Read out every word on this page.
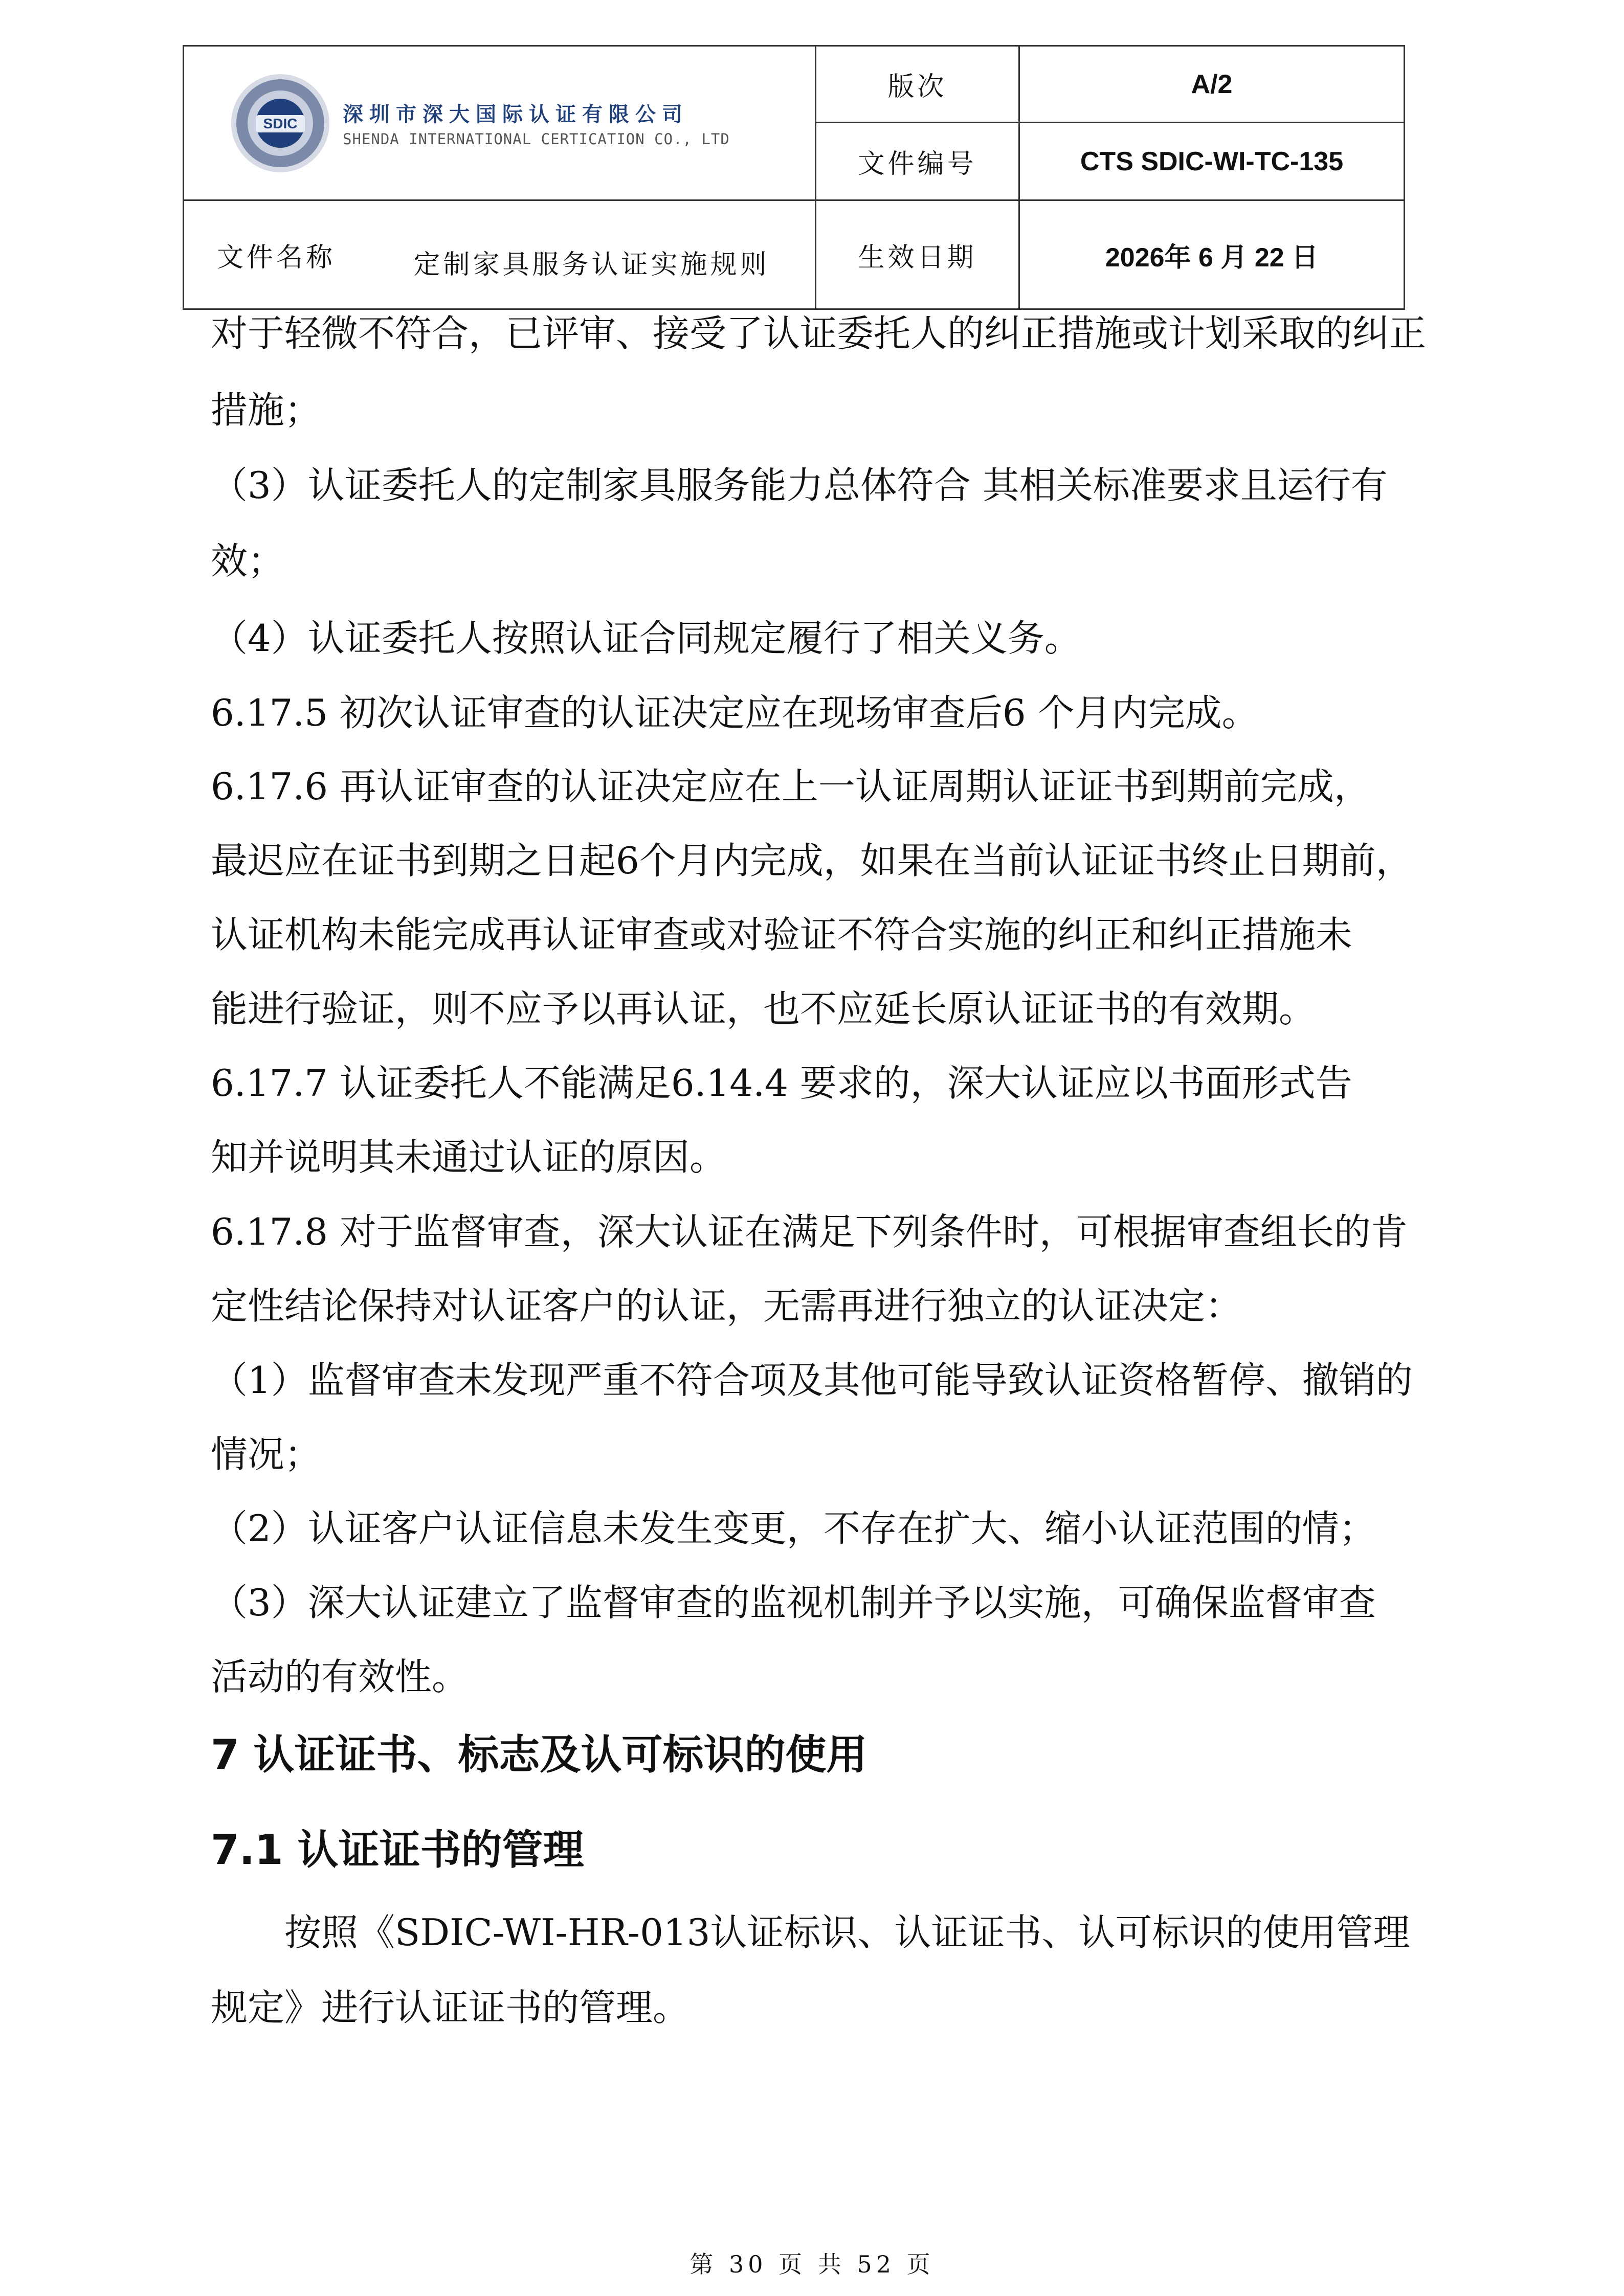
SDIC 深圳市深大国际认证有限公司
SHENDA INTERNATIONAL CERTICATION CO., LTD	版次	A/2
	文件编号	CTS SDIC-WI-TC-135

文件名称 定制家具服务认证实施规则	生效日期	2026年 6 月 22 日
对于轻微不符合，已评审、接受了认证委托人的纠正措施或计划采取的纠正
措施；
（3）认证委托人的定制家具服务能力总体符合 其相关标准要求且运行有
效；
（4）认证委托人按照认证合同规定履行了相关义务。
6.17.5 初次认证审查的认证决定应在现场审查后6 个月内完成。
6.17.6 再认证审查的认证决定应在上一认证周期认证证书到期前完成，
最迟应在证书到期之日起6个月内完成，如果在当前认证证书终止日期前，
认证机构未能完成再认证审查或对验证不符合实施的纠正和纠正措施未
能进行验证，则不应予以再认证，也不应延长原认证证书的有效期。
6.17.7 认证委托人不能满足6.14.4 要求的，深大认证应以书面形式告
知并说明其未通过认证的原因。
6.17.8 对于监督审查，深大认证在满足下列条件时，可根据审查组长的肯
定性结论保持对认证客户的认证，无需再进行独立的认证决定：
（1）监督审查未发现严重不符合项及其他可能导致认证资格暂停、撤销的
情况；
（2）认证客户认证信息未发生变更，不存在扩大、缩小认证范围的情；
（3）深大认证建立了监督审查的监视机制并予以实施，可确保监督审查
活动的有效性。
7 认证证书、标志及认可标识的使用
7.1 认证证书的管理
按照《SDIC-WI-HR-013认证标识、认证证书、认可标识的使用管理
规定》进行认证证书的管理。
第 30 页 共 52 页
